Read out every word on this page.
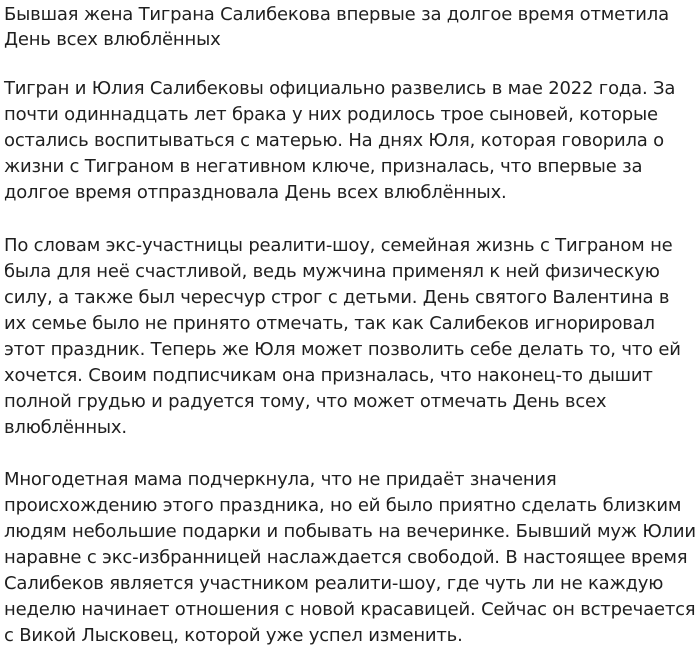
Бывшая жена Тиграна Салибекова впервые за долгое время отметила День всех влюблённых

Тигран и Юлия Салибековы официально развелись в мае 2022 года. За почти одиннадцать лет брака у них родилось трое сыновей, которые остались воспитываться с матерью. На днях Юля, которая говорила о жизни с Тиграном в негативном ключе, призналась, что впервые за долгое время отпраздновала День всех влюблённых.

По словам экс-участницы реалити-шоу, семейная жизнь с Тиграном не была для неё счастливой, ведь мужчина применял к ней физическую силу, а также был чересчур строг с детьми. День святого Валентина в их семье было не принято отмечать, так как Салибеков игнорировал этот праздник. Теперь же Юля может позволить себе делать то, что ей хочется. Своим подписчикам она призналась, что наконец-то дышит полной грудью и радуется тому, что может отмечать День всех влюблённых.

Многодетная мама подчеркнула, что не придаёт значения происхождению этого праздника, но ей было приятно сделать близким людям небольшие подарки и побывать на вечеринке. Бывший муж Юлии наравне с экс-избранницей наслаждается свободой. В настоящее время Салибеков является участником реалити-шоу, где чуть ли не каждую неделю начинает отношения с новой красавицей. Сейчас он встречается с Викой Лысковец, которой уже успел изменить.
